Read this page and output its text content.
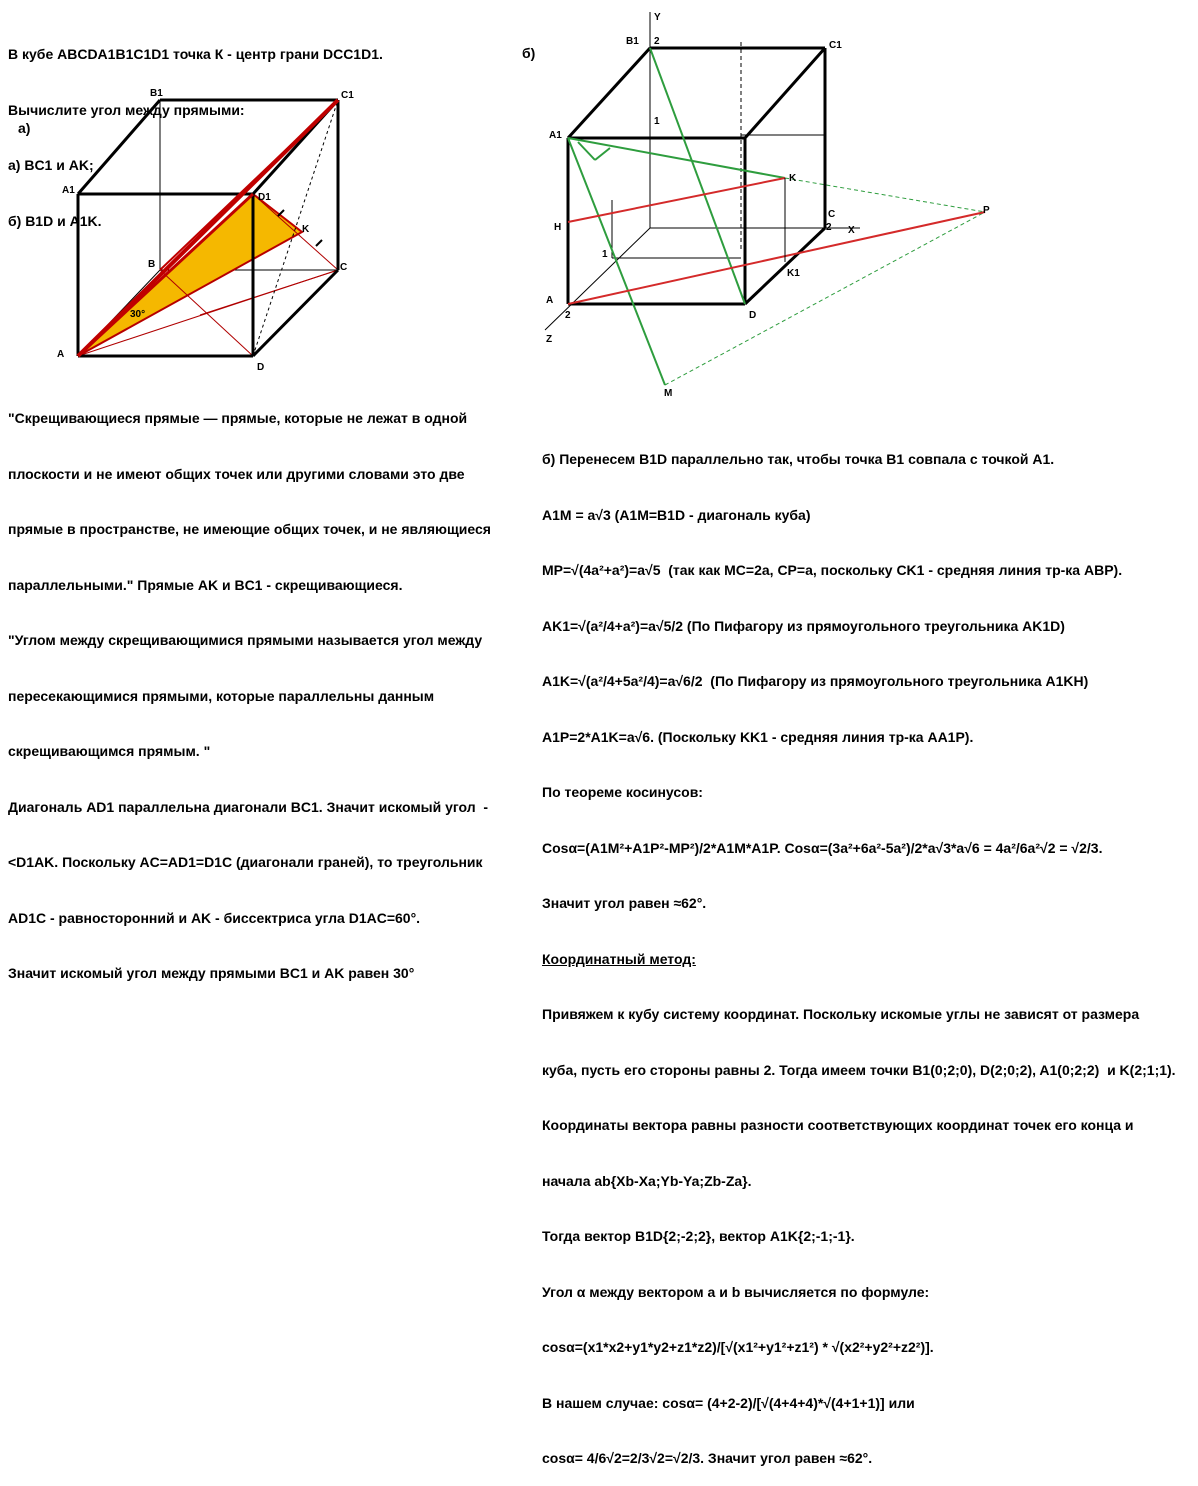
В кубе ABCDA1B1C1D1 точка К - центр грани DCC1D1.

Вычислите угол между прямыми:

а) BC1 и AK;

б) B1D и A1K.

а)
B1	C1
A1
D1
K
B	C
A
D
30°
б)
Y
B1 2	C1
1
A1
K
C
H	2 X
P
1
K1
A
2	D
Z
M

"Скрещивающиеся прямые — прямые, которые не лежат в одной

плоскости и не имеют общих точек или другими словами это две

прямые в пространстве, не имеющие общих точек, и не являющиеся

параллельными." Прямые AK и BC1 - скрещивающиеся.

"Углом между скрещивающимися прямыми называется угол между

пересекающимися прямыми, которые параллельны данным

скрещивающимся прямым. "

Диагональ AD1 параллельна диагонали BC1. Значит искомый угол  -

<D1AK. Поскольку AC=AD1=D1C (диагонали граней), то треугольник

AD1C - равносторонний и AK - биссектриса угла D1AC=60°.

Значит искомый угол между прямыми BC1 и AK равен 30°

б) Перенесем B1D параллельно так, чтобы точка B1 совпала с точкой A1.

A1M = a√3 (A1M=B1D - диагональ куба)

MP=√(4a²+a²)=a√5  (так как MC=2a, CP=a, поскольку CK1 - средняя линия тр-ка ABP).

AK1=√(a²/4+a²)=a√5/2 (По Пифагору из прямоугольного треугольника AK1D)

A1K=√(a²/4+5a²/4)=a√6/2  (По Пифагору из прямоугольного треугольника A1KH)

A1P=2*A1K=a√6. (Поскольку KK1 - средняя линия тр-ка AA1P).

По теореме косинусов:

Cosα=(A1M²+A1P²-MP²)/2*A1M*A1P. Cosα=(3a²+6a²-5a²)/2*a√3*a√6 = 4a²/6a²√2 = √2/3.

Значит угол равен ≈62°.

Координатный метод:

Привяжем к кубу систему координат. Поскольку искомые углы не зависят от размера

куба, пусть его стороны равны 2. Тогда имеем точки B1(0;2;0), D(2;0;2), A1(0;2;2)  и K(2;1;1).

Координаты вектора равны разности соответствующих координат точек его конца и

начала ab{Xb-Xa;Yb-Ya;Zb-Za}.

Тогда вектор B1D{2;-2;2}, вектор A1K{2;-1;-1}.

Угол α между вектором a и b вычисляется по формуле:

cosα=(x1*x2+y1*y2+z1*z2)/[√(x1²+y1²+z1²) * √(x2²+y2²+z2²)].

В нашем случае: cosα= (4+2-2)/[√(4+4+4)*√(4+1+1)] или

cosα= 4/6√2=2/3√2=√2/3. Значит угол равен ≈62°.
